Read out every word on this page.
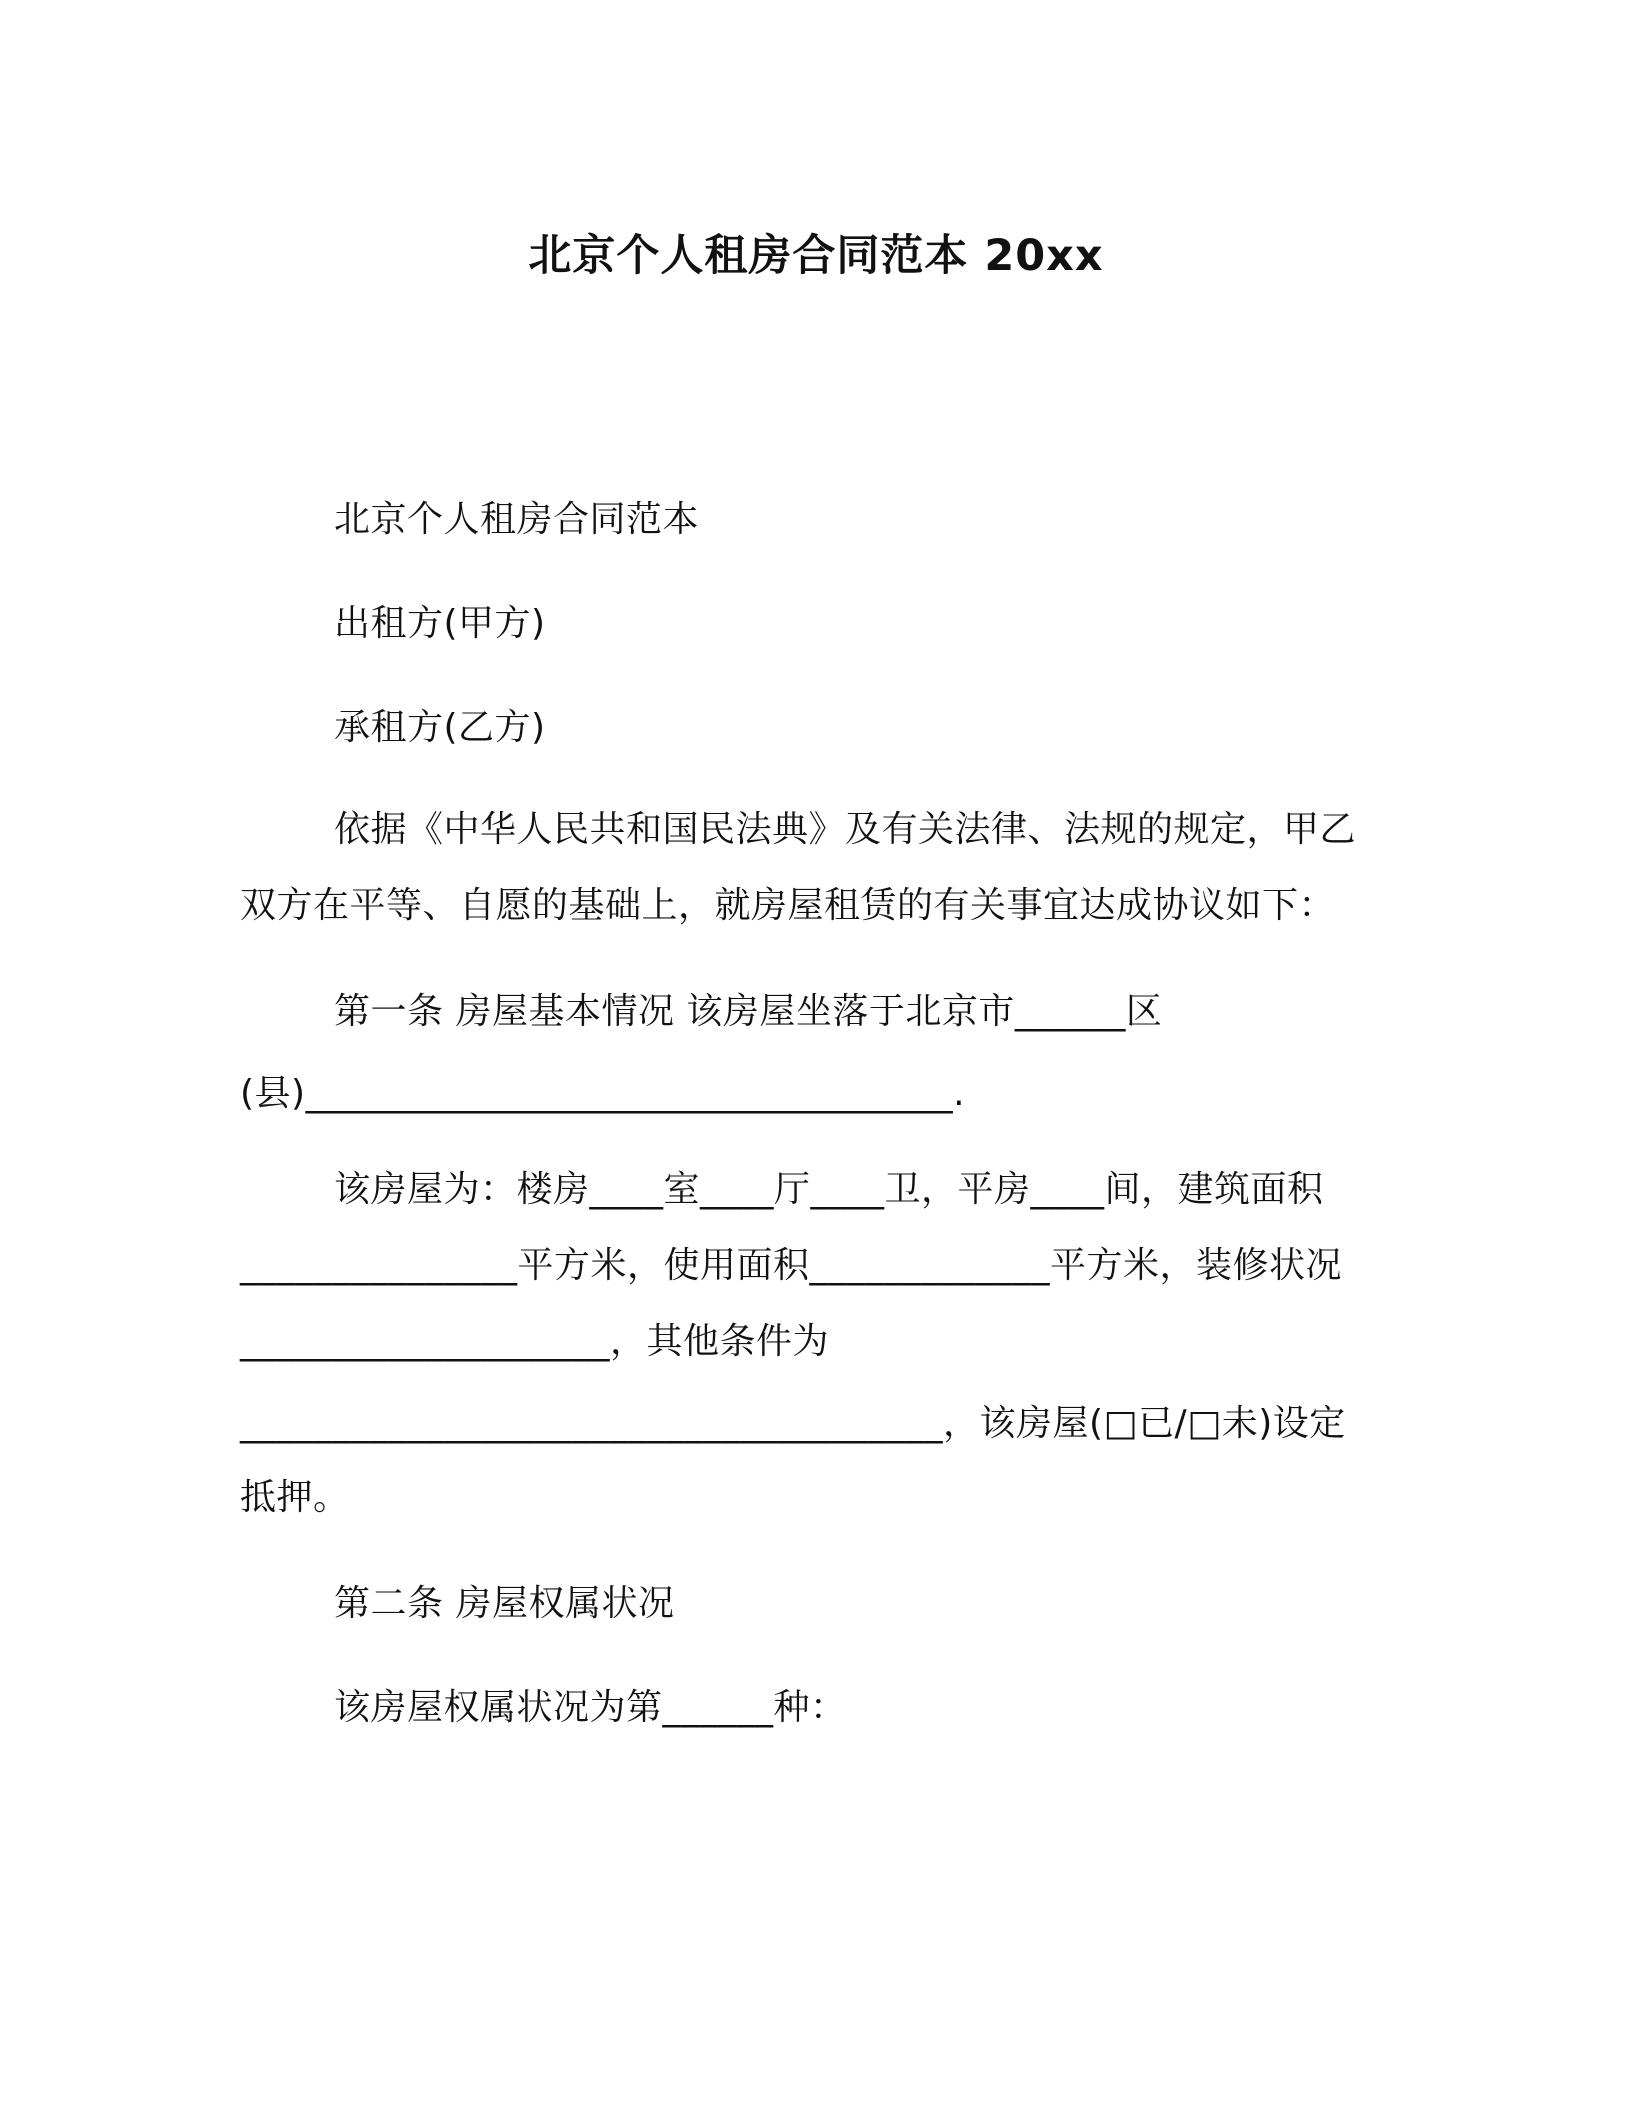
北京个人租房合同范本 20xx
北京个人租房合同范本
出租方(甲方)
承租方(乙方)
依据《中华人民共和国民法典》及有关法律、法规的规定，甲乙
双方在平等、自愿的基础上，就房屋租赁的有关事宜达成协议如下：
第一条 房屋基本情况 该房屋坐落于北京市______区
(县)___________________________________.
该房屋为：楼房____室____厅____卫，平房____间，建筑面积
_______________平方米，使用面积_____________平方米，装修状况
____________________，其他条件为
______________________________________，该房屋(□已/□未)设定
抵押。
第二条 房屋权属状况
该房屋权属状况为第______种：
